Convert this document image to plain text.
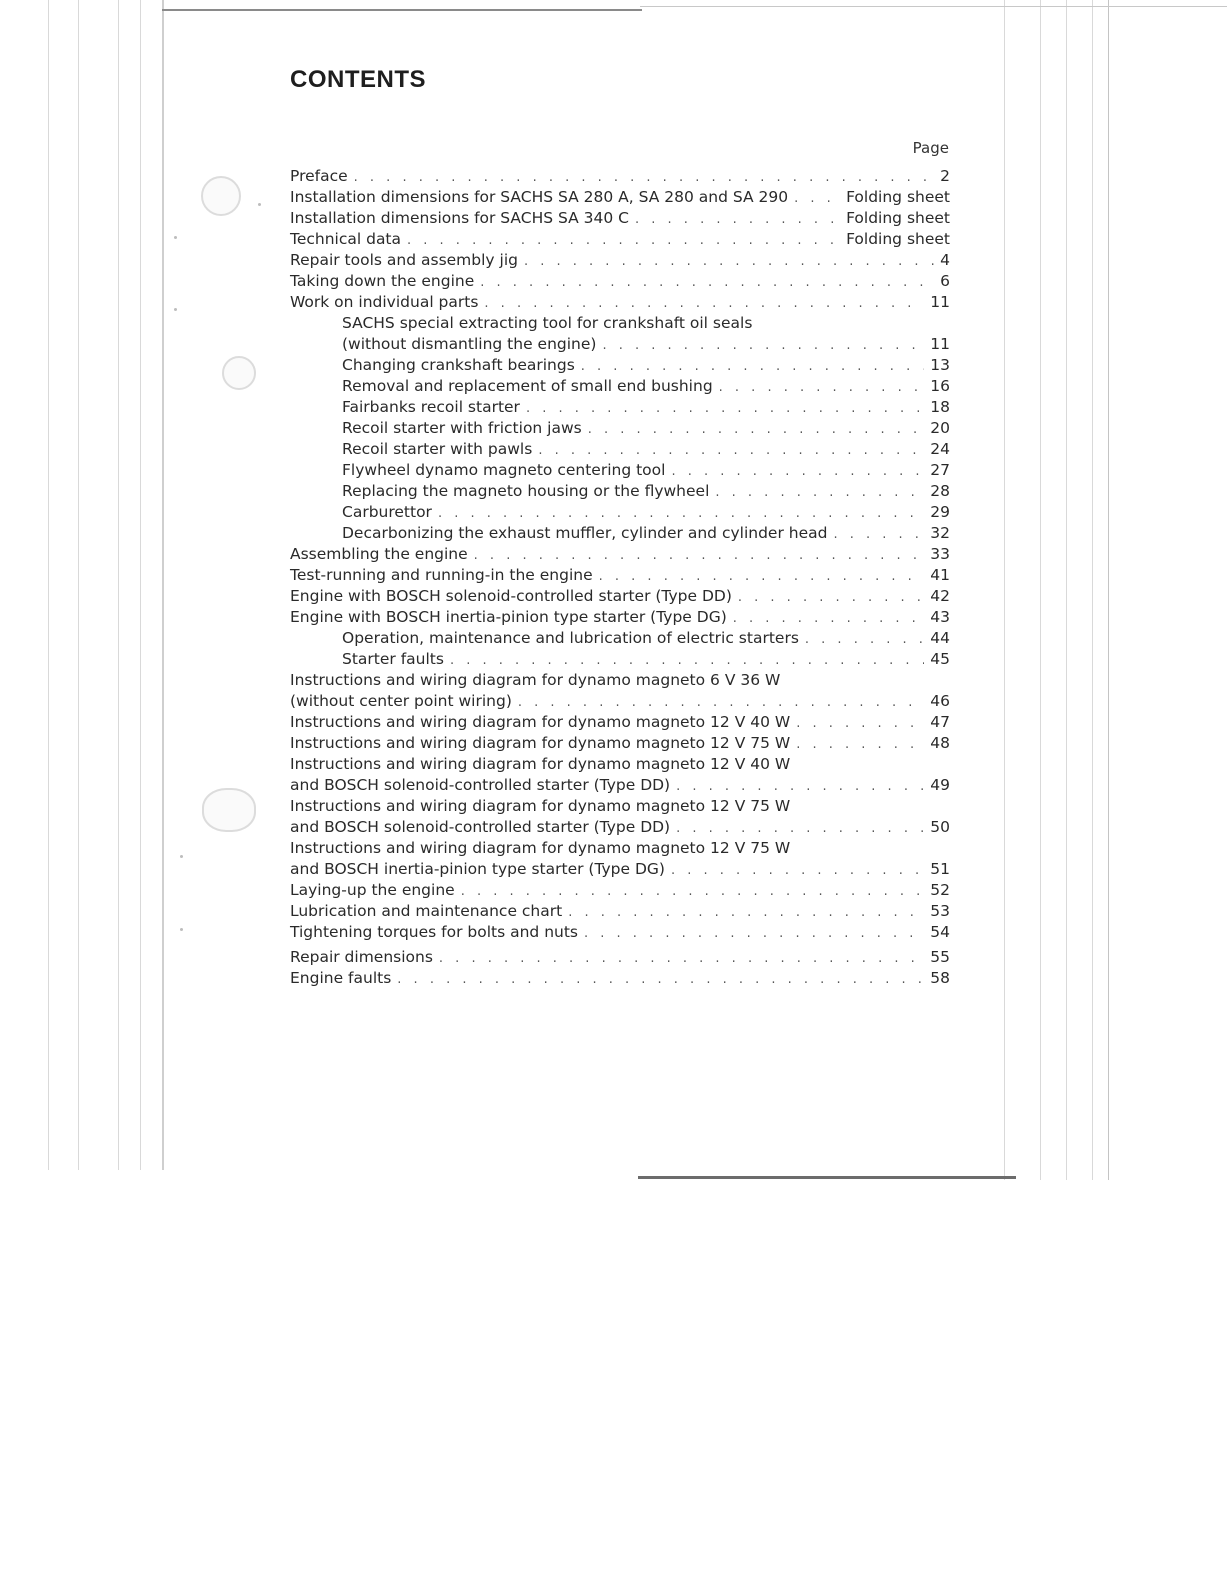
CONTENTS
Page
Preface . . .	2
Installation dimensions for SACHS SA 280 A, SA 280 and SA 290 . . .	Folding sheet
Installation dimensions for SACHS SA 340 C . . .	Folding sheet
Technical data . . .	Folding sheet
Repair tools and assembly jig . . .	4
Taking down the engine . . .	6
Work on individual parts . . .	11
SACHS special extracting tool for crankshaft oil seals
(without dismantling the engine) . . .	11
Changing crankshaft bearings . . .	13
Removal and replacement of small end bushing . . .	16
Fairbanks recoil starter . . .	18
Recoil starter with friction jaws . . .	20
Recoil starter with pawls . . .	24
Flywheel dynamo magneto centering tool . . .	27
Replacing the magneto housing or the flywheel . . .	28
Carburettor . . .	29
Decarbonizing the exhaust muffler, cylinder and cylinder head . . .	32
Assembling the engine . . .	33
Test-running and running-in the engine . . .	41
Engine with BOSCH solenoid-controlled starter (Type DD) . . .	42
Engine with BOSCH inertia-pinion type starter (Type DG) . . .	43
Operation, maintenance and lubrication of electric starters . . .	44
Starter faults . . .	45
Instructions and wiring diagram for dynamo magneto 6 V 36 W
(without center point wiring) . . .	46
Instructions and wiring diagram for dynamo magneto 12 V 40 W . . .	47
Instructions and wiring diagram for dynamo magneto 12 V 75 W . . .	48
Instructions and wiring diagram for dynamo magneto 12 V 40 W
and BOSCH solenoid-controlled starter (Type DD) . . .	49
Instructions and wiring diagram for dynamo magneto 12 V 75 W
and BOSCH solenoid-controlled starter (Type DD) . . .	50
Instructions and wiring diagram for dynamo magneto 12 V 75 W
and BOSCH inertia-pinion type starter (Type DG) . . .	51
Laying-up the engine . . .	52
Lubrication and maintenance chart . . .	53
Tightening torques for bolts and nuts . . .	54
Repair dimensions . . .	55
Engine faults . . .	58
